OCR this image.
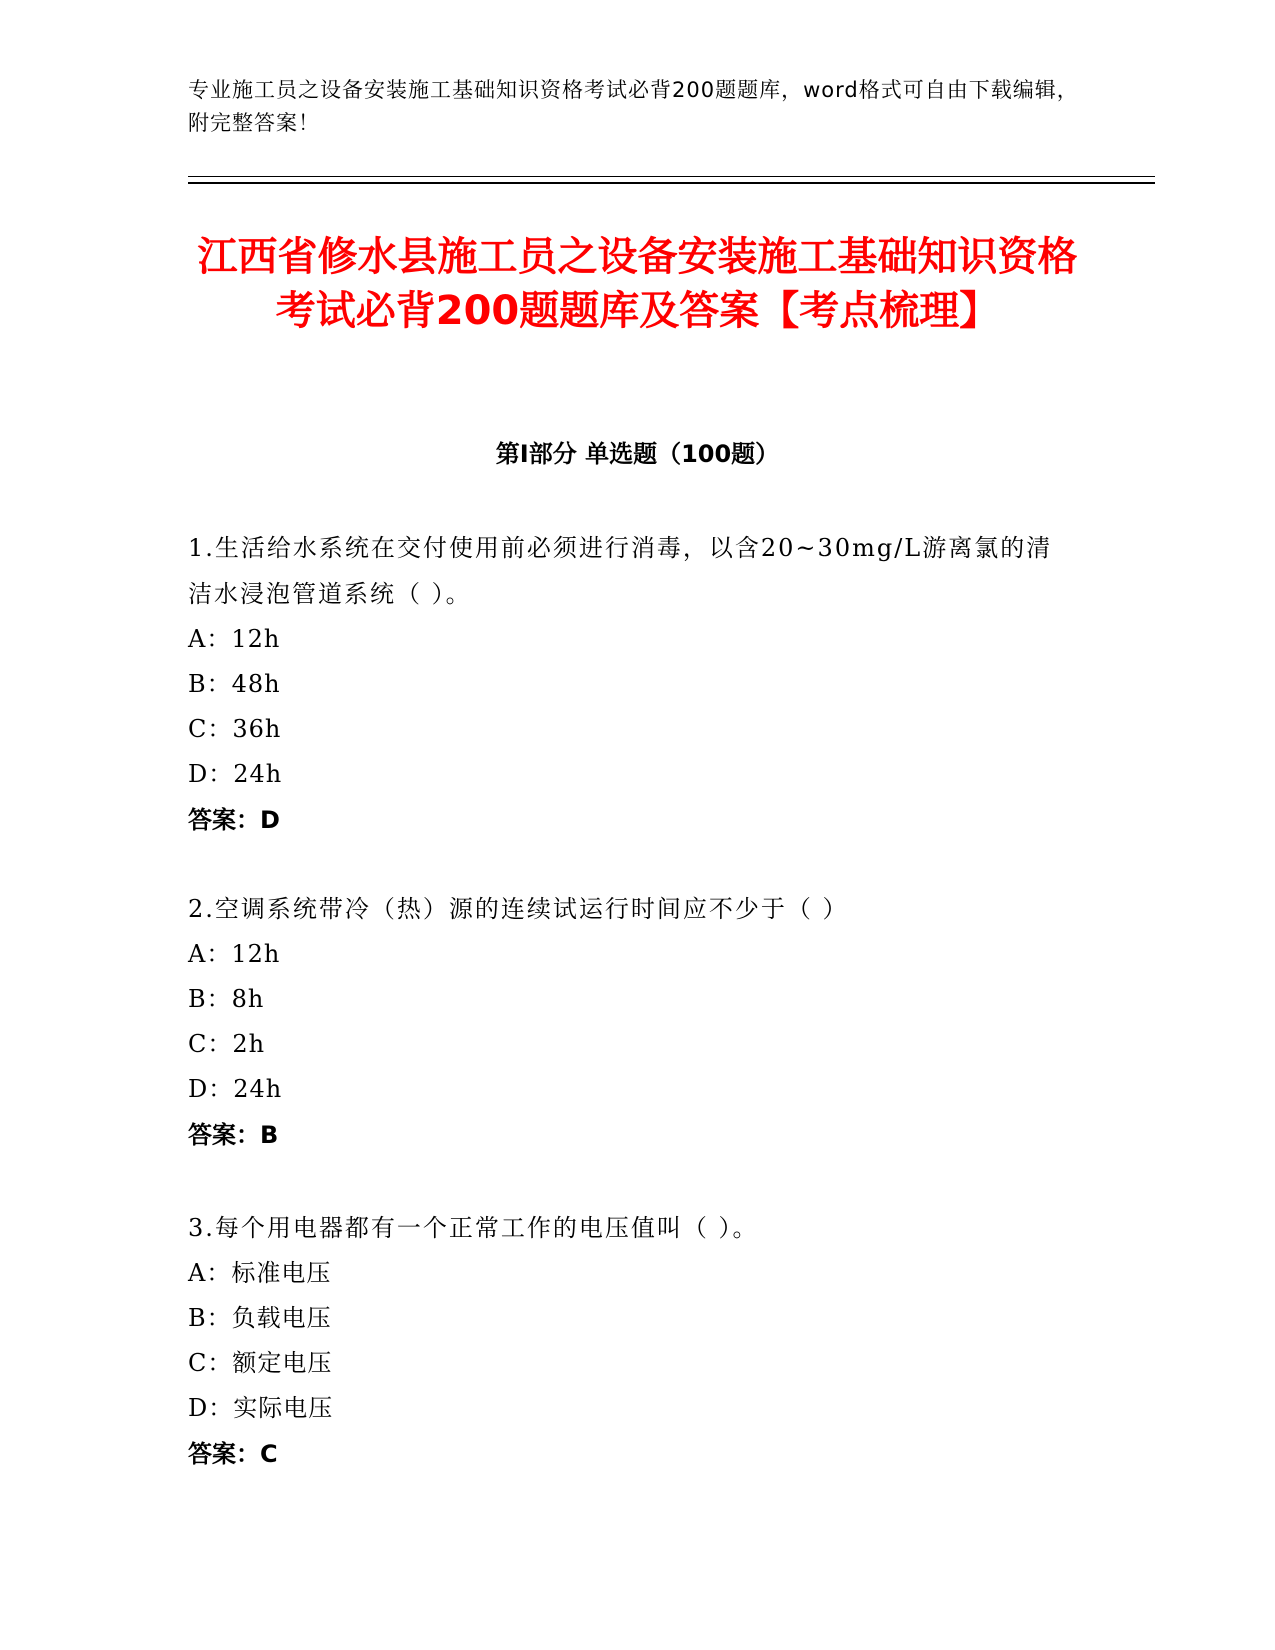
专业施工员之设备安装施工基础知识资格考试必背200题题库，word格式可自由下载编辑，附完整答案！
江西省修水县施工员之设备安装施工基础知识资格考试必背200题题库及答案【考点梳理】
第Ⅰ部分 单选题（100题）
1.生活给水系统在交付使用前必须进行消毒，以含20~30mg/L游离氯的清洁水浸泡管道系统（ ）。
A：12h
B：48h
C：36h
D：24h
答案：D
2.空调系统带冷（热）源的连续试运行时间应不少于（ ）
A：12h
B：8h
C：2h
D：24h
答案：B
3.每个用电器都有一个正常工作的电压值叫（ ）。
A：标准电压
B：负载电压
C：额定电压
D：实际电压
答案：C
